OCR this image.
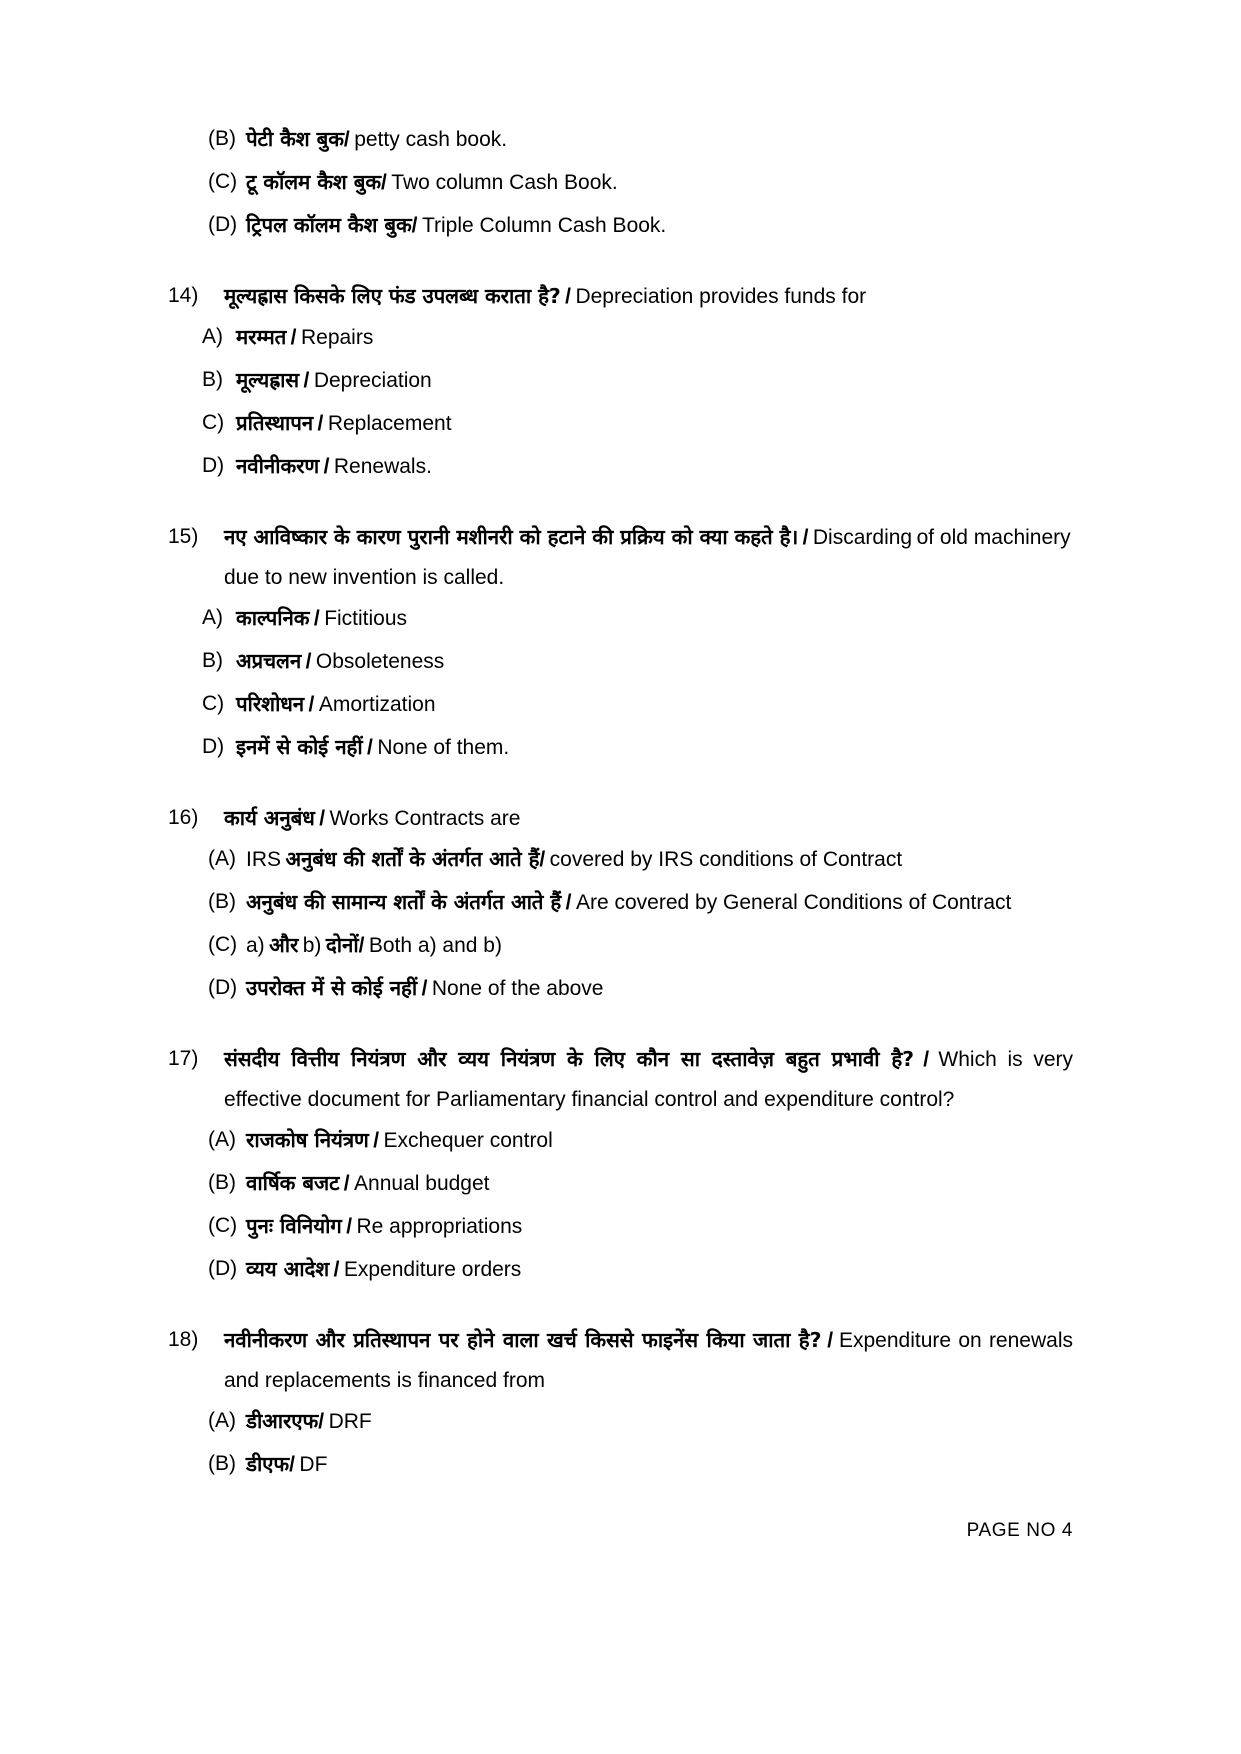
(B) पेटी कैश बुक/ petty cash book.
(C) टू कॉलम कैश बुक/ Two column Cash Book.
(D) ट्रिपल कॉलम कैश बुक/ Triple Column Cash Book.
14)	मूल्यह्रास किसके लिए फंड उपलब्ध कराता है? / Depreciation provides funds for
A) मरम्मत / Repairs
B) मूल्यह्रास / Depreciation
C) प्रतिस्थापन / Replacement
D) नवीनीकरण / Renewals.
15)	नए आविष्कार के कारण पुरानी मशीनरी को हटाने की प्रक्रिय को क्या कहते है। / Discarding of old machinery due to new invention is called.
A) काल्पनिक / Fictitious
B) अप्रचलन / Obsoleteness
C) परिशोधन / Amortization
D) इनमें से कोई नहीं / None of them.
16)	कार्य अनुबंध / Works Contracts are
(A) IRS अनुबंध की शर्तों के अंतर्गत आते हैं/ covered by IRS conditions of Contract
(B) अनुबंध की सामान्य शर्तों के अंतर्गत आते हैं / Are covered by General Conditions of Contract
(C) a) और b) दोनों/ Both a) and b)
(D) उपरोक्त में से कोई नहीं / None of the above
17)	संसदीय वित्तीय नियंत्रण और व्यय नियंत्रण के लिए कौन सा दस्तावेज़ बहुत प्रभावी है? / Which is very effective document for Parliamentary financial control and expenditure control?
(A) राजकोष नियंत्रण / Exchequer control
(B) वार्षिक बजट / Annual budget
(C) पुनः विनियोग / Re appropriations
(D) व्यय आदेश / Expenditure orders
18)	नवीनीकरण और प्रतिस्थापन पर होने वाला खर्च किससे फाइनेंस किया जाता है? / Expenditure on renewals and replacements is financed from
(A) डीआरएफ/ DRF
(B) डीएफ/ DF
PAGE NO 4
